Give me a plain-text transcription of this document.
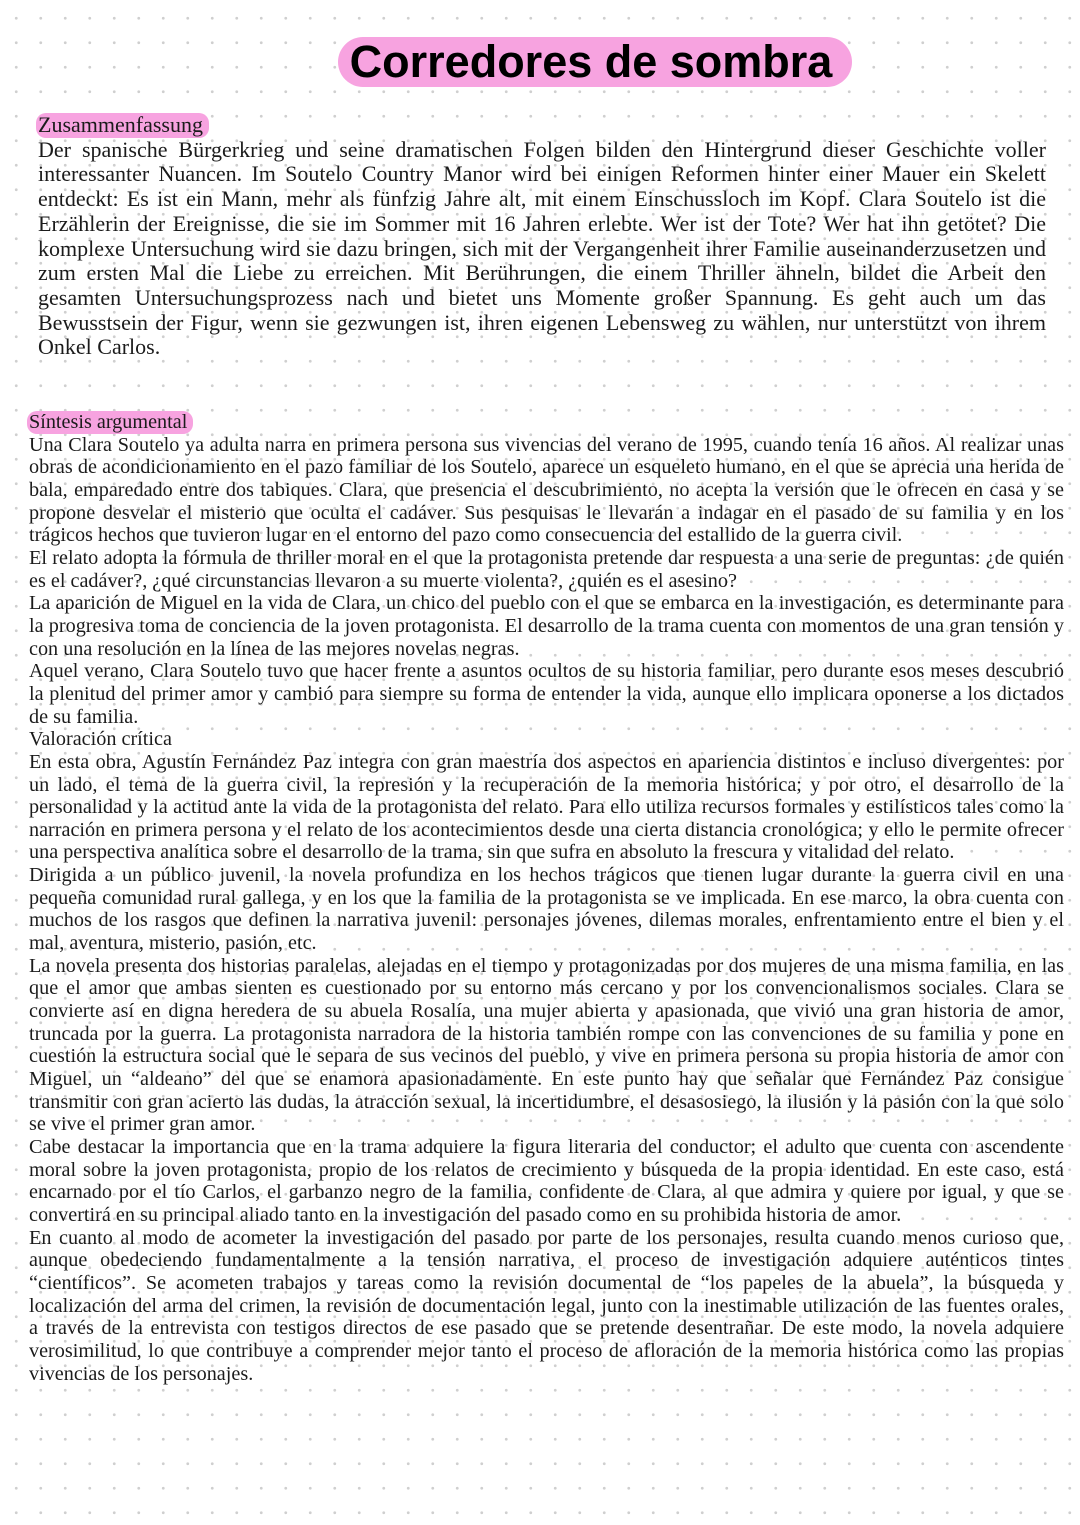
Corredores de sombra
Zusammenfassung

Der spanische Bürgerkrieg und seine dramatischen Folgen bilden den Hintergrund dieser Geschichte voller interessanter Nuancen. Im Soutelo Country Manor wird bei einigen Reformen hinter einer Mauer ein Skelett entdeckt: Es ist ein Mann, mehr als fünfzig Jahre alt, mit einem Einschussloch im Kopf. Clara Soutelo ist die Erzählerin der Ereignisse, die sie im Sommer mit 16 Jahren erlebte. Wer ist der Tote? Wer hat ihn getötet? Die komplexe Untersuchung wird sie dazu bringen, sich mit der Vergangenheit ihrer Familie auseinanderzusetzen und zum ersten Mal die Liebe zu erreichen. Mit Berührungen, die einem Thriller ähneln, bildet die Arbeit den gesamten Untersuchungsprozess nach und bietet uns Momente großer Spannung. Es geht auch um das Bewusstsein der Figur, wenn sie gezwungen ist, ihren eigenen Lebensweg zu wählen, nur unterstützt von ihrem Onkel Carlos.

Síntesis argumental

Una Clara Soutelo ya adulta narra en primera persona sus vivencias del verano de 1995, cuando tenía 16 años. Al realizar unas obras de acondicionamiento en el pazo familiar de los Soutelo, aparece un esqueleto humano, en el que se aprecia una herida de bala, emparedado entre dos tabiques. Clara, que presencia el descubrimiento, no acepta la versión que le ofrecen en casa y se propone desvelar el misterio que oculta el cadáver. Sus pesquisas le llevarán a indagar en el pasado de su familia y en los trágicos hechos que tuvieron lugar en el entorno del pazo como consecuencia del estallido de la guerra civil.

El relato adopta la fórmula de thriller moral en el que la protagonista pretende dar respuesta a una serie de preguntas: ¿de quién es el cadáver?, ¿qué circunstancias llevaron a su muerte violenta?, ¿quién es el asesino?

La aparición de Miguel en la vida de Clara, un chico del pueblo con el que se embarca en la investigación, es determinante para la progresiva toma de conciencia de la joven protagonista. El desarrollo de la trama cuenta con momentos de una gran tensión y con una resolución en la línea de las mejores novelas negras.

Aquel verano, Clara Soutelo tuvo que hacer frente a asuntos ocultos de su historia familiar, pero durante esos meses descubrió la plenitud del primer amor y cambió para siempre su forma de entender la vida, aunque ello implicara oponerse a los dictados de su familia.

Valoración crítica

En esta obra, Agustín Fernández Paz integra con gran maestría dos aspectos en apariencia distintos e incluso divergentes: por un lado, el tema de la guerra civil, la represión y la recuperación de la memoria histórica; y por otro, el desarrollo de la personalidad y la actitud ante la vida de la protagonista del relato. Para ello utiliza recursos formales y estilísticos tales como la narración en primera persona y el relato de los acontecimientos desde una cierta distancia cronológica; y ello le permite ofrecer una perspectiva analítica sobre el desarrollo de la trama, sin que sufra en absoluto la frescura y vitalidad del relato.

Dirigida a un público juvenil, la novela profundiza en los hechos trágicos que tienen lugar durante la guerra civil en una pequeña comunidad rural gallega, y en los que la familia de la protagonista se ve implicada. En ese marco, la obra cuenta con muchos de los rasgos que definen la narrativa juvenil: personajes jóvenes, dilemas morales, enfrentamiento entre el bien y el mal, aventura, misterio, pasión, etc.

La novela presenta dos historias paralelas, alejadas en el tiempo y protagonizadas por dos mujeres de una misma familia, en las que el amor que ambas sienten es cuestionado por su entorno más cercano y por los convencionalismos sociales. Clara se convierte así en digna heredera de su abuela Rosalía, una mujer abierta y apasionada, que vivió una gran historia de amor, truncada por la guerra. La protagonista narradora de la historia también rompe con las convenciones de su familia y pone en cuestión la estructura social que le separa de sus vecinos del pueblo, y vive en primera persona su propia historia de amor con Miguel, un “aldeano” del que se enamora apasionadamente. En este punto hay que señalar que Fernández Paz consigue transmitir con gran acierto las dudas, la atracción sexual, la incertidumbre, el desasosiego, la ilusión y la pasión con la que solo se vive el primer gran amor.

Cabe destacar la importancia que en la trama adquiere la figura literaria del conductor; el adulto que cuenta con ascendente moral sobre la joven protagonista, propio de los relatos de crecimiento y búsqueda de la propia identidad. En este caso, está encarnado por el tío Carlos, el garbanzo negro de la familia, confidente de Clara, al que admira y quiere por igual, y que se convertirá en su principal aliado tanto en la investigación del pasado como en su prohibida historia de amor.

En cuanto al modo de acometer la investigación del pasado por parte de los personajes, resulta cuando menos curioso que, aunque obedeciendo fundamentalmente a la tensión narrativa, el proceso de investigación adquiere auténticos tintes “científicos”. Se acometen trabajos y tareas como la revisión documental de “los papeles de la abuela”, la búsqueda y localización del arma del crimen, la revisión de documentación legal, junto con la inestimable utilización de las fuentes orales, a través de la entrevista con testigos directos de ese pasado que se pretende desentrañar. De este modo, la novela adquiere verosimilitud, lo que contribuye a comprender mejor tanto el proceso de afloración de la memoria histórica como las propias vivencias de los personajes.
